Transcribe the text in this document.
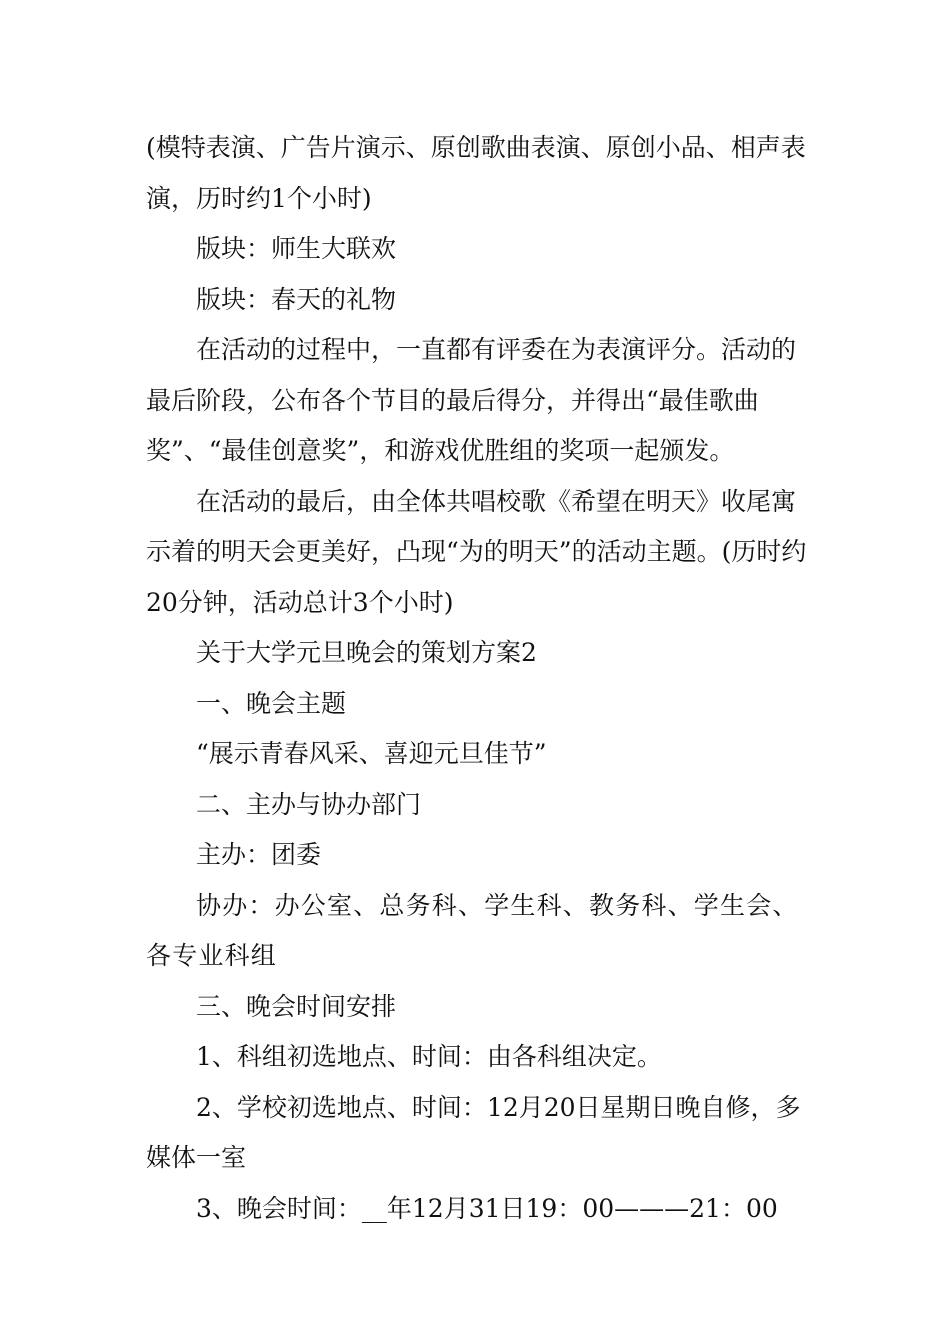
(模特表演、广告片演示、原创歌曲表演、原创小品、相声表演，历时约1个小时)

版块：师生大联欢

版块：春天的礼物

在活动的过程中，一直都有评委在为表演评分。活动的最后阶段，公布各个节目的最后得分，并得出“最佳歌曲奖”、“最佳创意奖”，和游戏优胜组的奖项一起颁发。

在活动的最后，由全体共唱校歌《希望在明天》收尾寓示着的明天会更美好，凸现“为的明天”的活动主题。(历时约20分钟，活动总计3个小时)

关于大学元旦晚会的策划方案2

一、晚会主题

“展示青春风采、喜迎元旦佳节”

二、主办与协办部门

主办：团委

协办：办公室、总务科、学生科、教务科、学生会、各专业科组

三、晚会时间安排

1、科组初选地点、时间：由各科组决定。

2、学校初选地点、时间：12月20日星期日晚自修，多媒体一室

3、晚会时间：__年12月31日19：00———21：00
